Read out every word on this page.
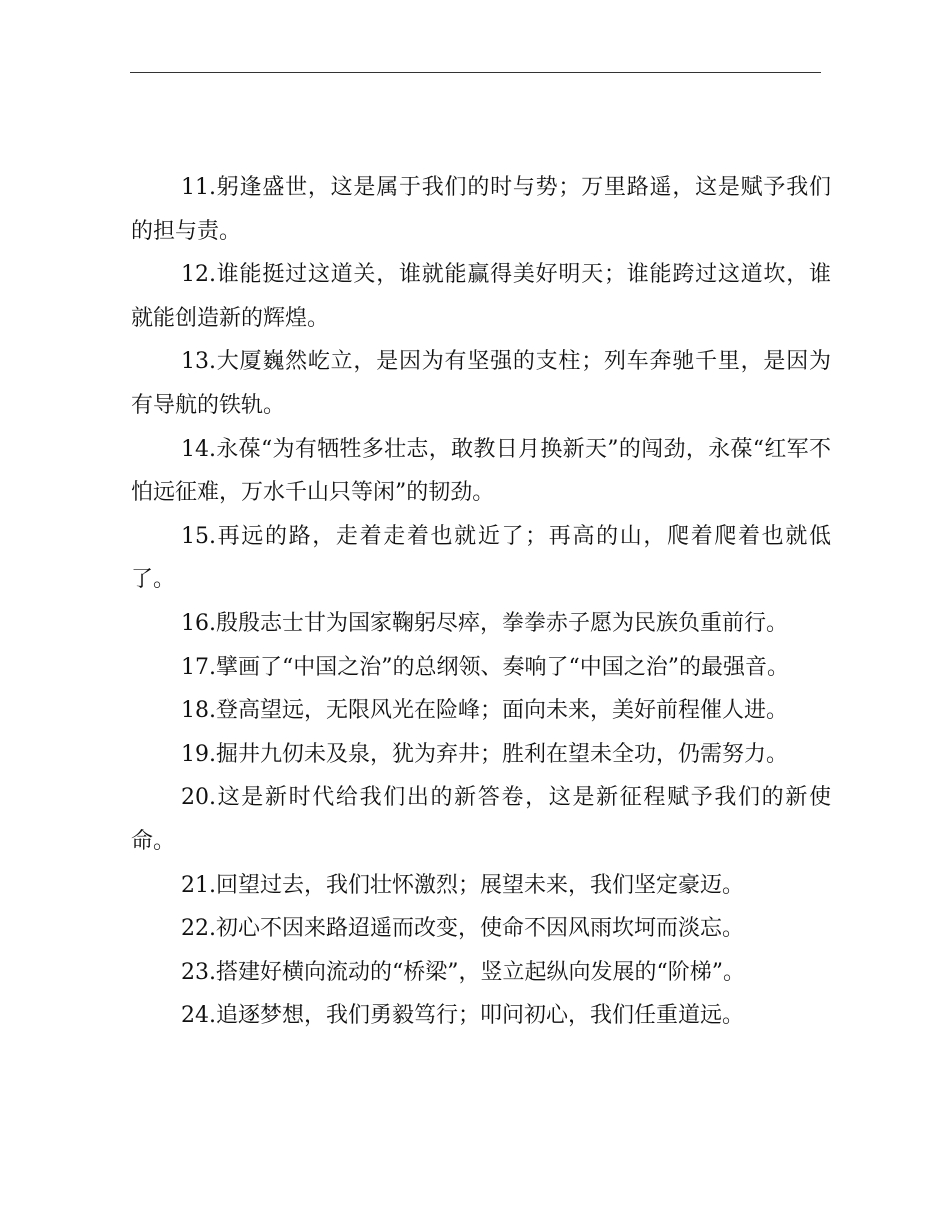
11.躬逢盛世，这是属于我们的时与势；万里路遥，这是赋予我们的担与责。

12.谁能挺过这道关，谁就能赢得美好明天；谁能跨过这道坎，谁就能创造新的辉煌。

13.大厦巍然屹立，是因为有坚强的支柱；列车奔驰千里，是因为有导航的铁轨。

14.永葆“为有牺牲多壮志，敢教日月换新天”的闯劲，永葆“红军不怕远征难，万水千山只等闲”的韧劲。

15.再远的路，走着走着也就近了；再高的山，爬着爬着也就低了。

16.殷殷志士甘为国家鞠躬尽瘁，拳拳赤子愿为民族负重前行。

17.擘画了“中国之治”的总纲领、奏响了“中国之治”的最强音。

18.登高望远，无限风光在险峰；面向未来，美好前程催人进。

19.掘井九仞未及泉，犹为弃井；胜利在望未全功，仍需努力。

20.这是新时代给我们出的新答卷，这是新征程赋予我们的新使命。

21.回望过去，我们壮怀激烈；展望未来，我们坚定豪迈。

22.初心不因来路迢遥而改变，使命不因风雨坎坷而淡忘。

23.搭建好横向流动的“桥梁”，竖立起纵向发展的“阶梯”。

24.追逐梦想，我们勇毅笃行；叩问初心，我们任重道远。
